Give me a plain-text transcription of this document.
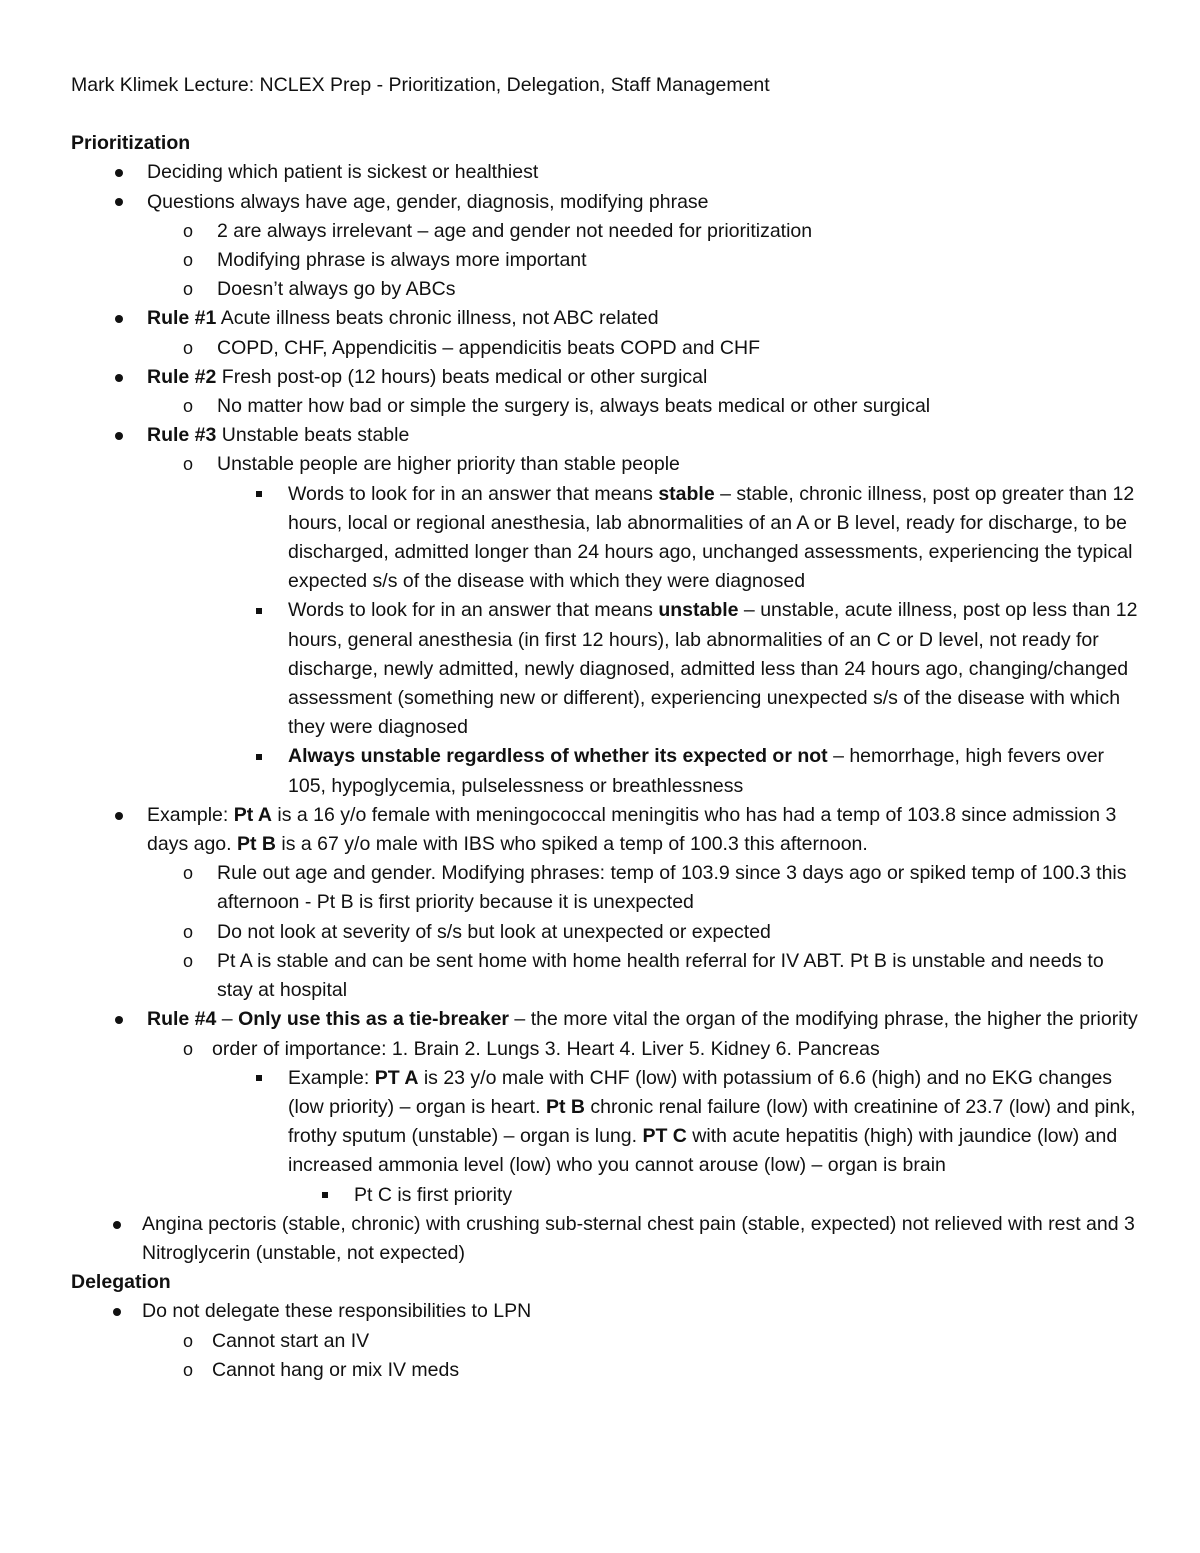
Mark Klimek Lecture: NCLEX Prep - Prioritization, Delegation, Staff Management

Prioritization

Deciding which patient is sickest or healthiest
Questions always have age, gender, diagnosis, modifying phrase
o 2 are always irrelevant – age and gender not needed for prioritization
o Modifying phrase is always more important
o Doesn’t always go by ABCs
Rule #1 Acute illness beats chronic illness, not ABC related
o COPD, CHF, Appendicitis – appendicitis beats COPD and CHF
Rule #2 Fresh post-op (12 hours) beats medical or other surgical
o No matter how bad or simple the surgery is, always beats medical or other surgical
Rule #3 Unstable beats stable
o Unstable people are higher priority than stable people
Words to look for in an answer that means stable – stable, chronic illness, post op greater than 12 hours, local or regional anesthesia, lab abnormalities of an A or B level, ready for discharge, to be discharged, admitted longer than 24 hours ago, unchanged assessments, experiencing the typical expected s/s of the disease with which they were diagnosed
Words to look for in an answer that means unstable – unstable, acute illness, post op less than 12 hours, general anesthesia (in first 12 hours), lab abnormalities of an C or D level, not ready for discharge, newly admitted, newly diagnosed, admitted less than 24 hours ago, changing/changed assessment (something new or different), experiencing unexpected s/s of the disease with which they were diagnosed
Always unstable regardless of whether its expected or not – hemorrhage, high fevers over 105, hypoglycemia, pulselessness or breathlessness
Example: Pt A is a 16 y/o female with meningococcal meningitis who has had a temp of 103.8 since admission 3 days ago. Pt B is a 67 y/o male with IBS who spiked a temp of 100.3 this afternoon.
o Rule out age and gender. Modifying phrases: temp of 103.9 since 3 days ago or spiked temp of 100.3 this afternoon - Pt B is first priority because it is unexpected
o Do not look at severity of s/s but look at unexpected or expected
o Pt A is stable and can be sent home with home health referral for IV ABT. Pt B is unstable and needs to stay at hospital
Rule #4 – Only use this as a tie-breaker – the more vital the organ of the modifying phrase, the higher the priority
o order of importance: 1. Brain 2. Lungs 3. Heart 4. Liver 5. Kidney 6. Pancreas
Example: PT A is 23 y/o male with CHF (low) with potassium of 6.6 (high) and no EKG changes (low priority) – organ is heart. Pt B chronic renal failure (low) with creatinine of 23.7 (low) and pink, frothy sputum (unstable) – organ is lung. PT C with acute hepatitis (high) with jaundice (low) and increased ammonia level (low) who you cannot arouse (low) – organ is brain
Pt C is first priority
Angina pectoris (stable, chronic) with crushing sub-sternal chest pain (stable, expected) not relieved with rest and 3 Nitroglycerin (unstable, not expected)

Delegation

Do not delegate these responsibilities to LPN
o Cannot start an IV
o Cannot hang or mix IV meds
